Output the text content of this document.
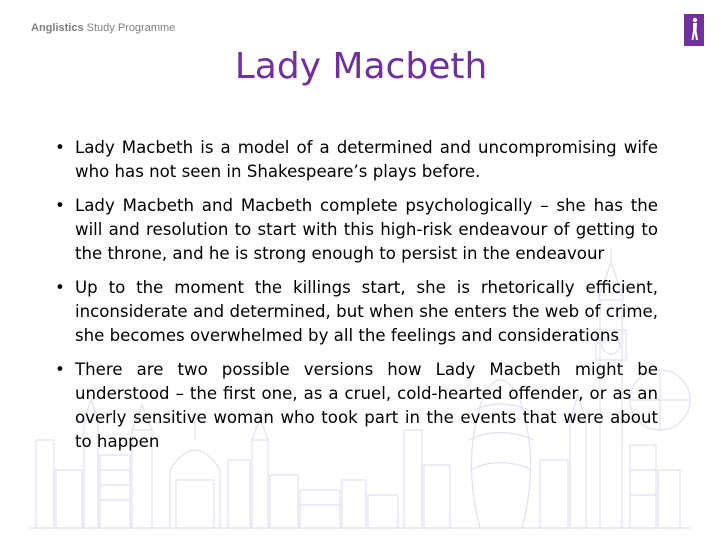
Anglistics Study Programme
Lady Macbeth
• Lady Macbeth is a model of a determined and uncompromising wife who has not seen in Shakespeare’s plays before.
• Lady Macbeth and Macbeth complete psychologically – she has the will and resolution to start with this high-risk endeavour of getting to the throne, and he is strong enough to persist in the endeavour
• Up to the moment the killings start, she is rhetorically efficient, inconsiderate and determined, but when she enters the web of crime, she becomes overwhelmed by all the feelings and considerations
• There are two possible versions how Lady Macbeth might be understood – the first one, as a cruel, cold-hearted offender, or as an overly sensitive woman who took part in the events that were about to happen
